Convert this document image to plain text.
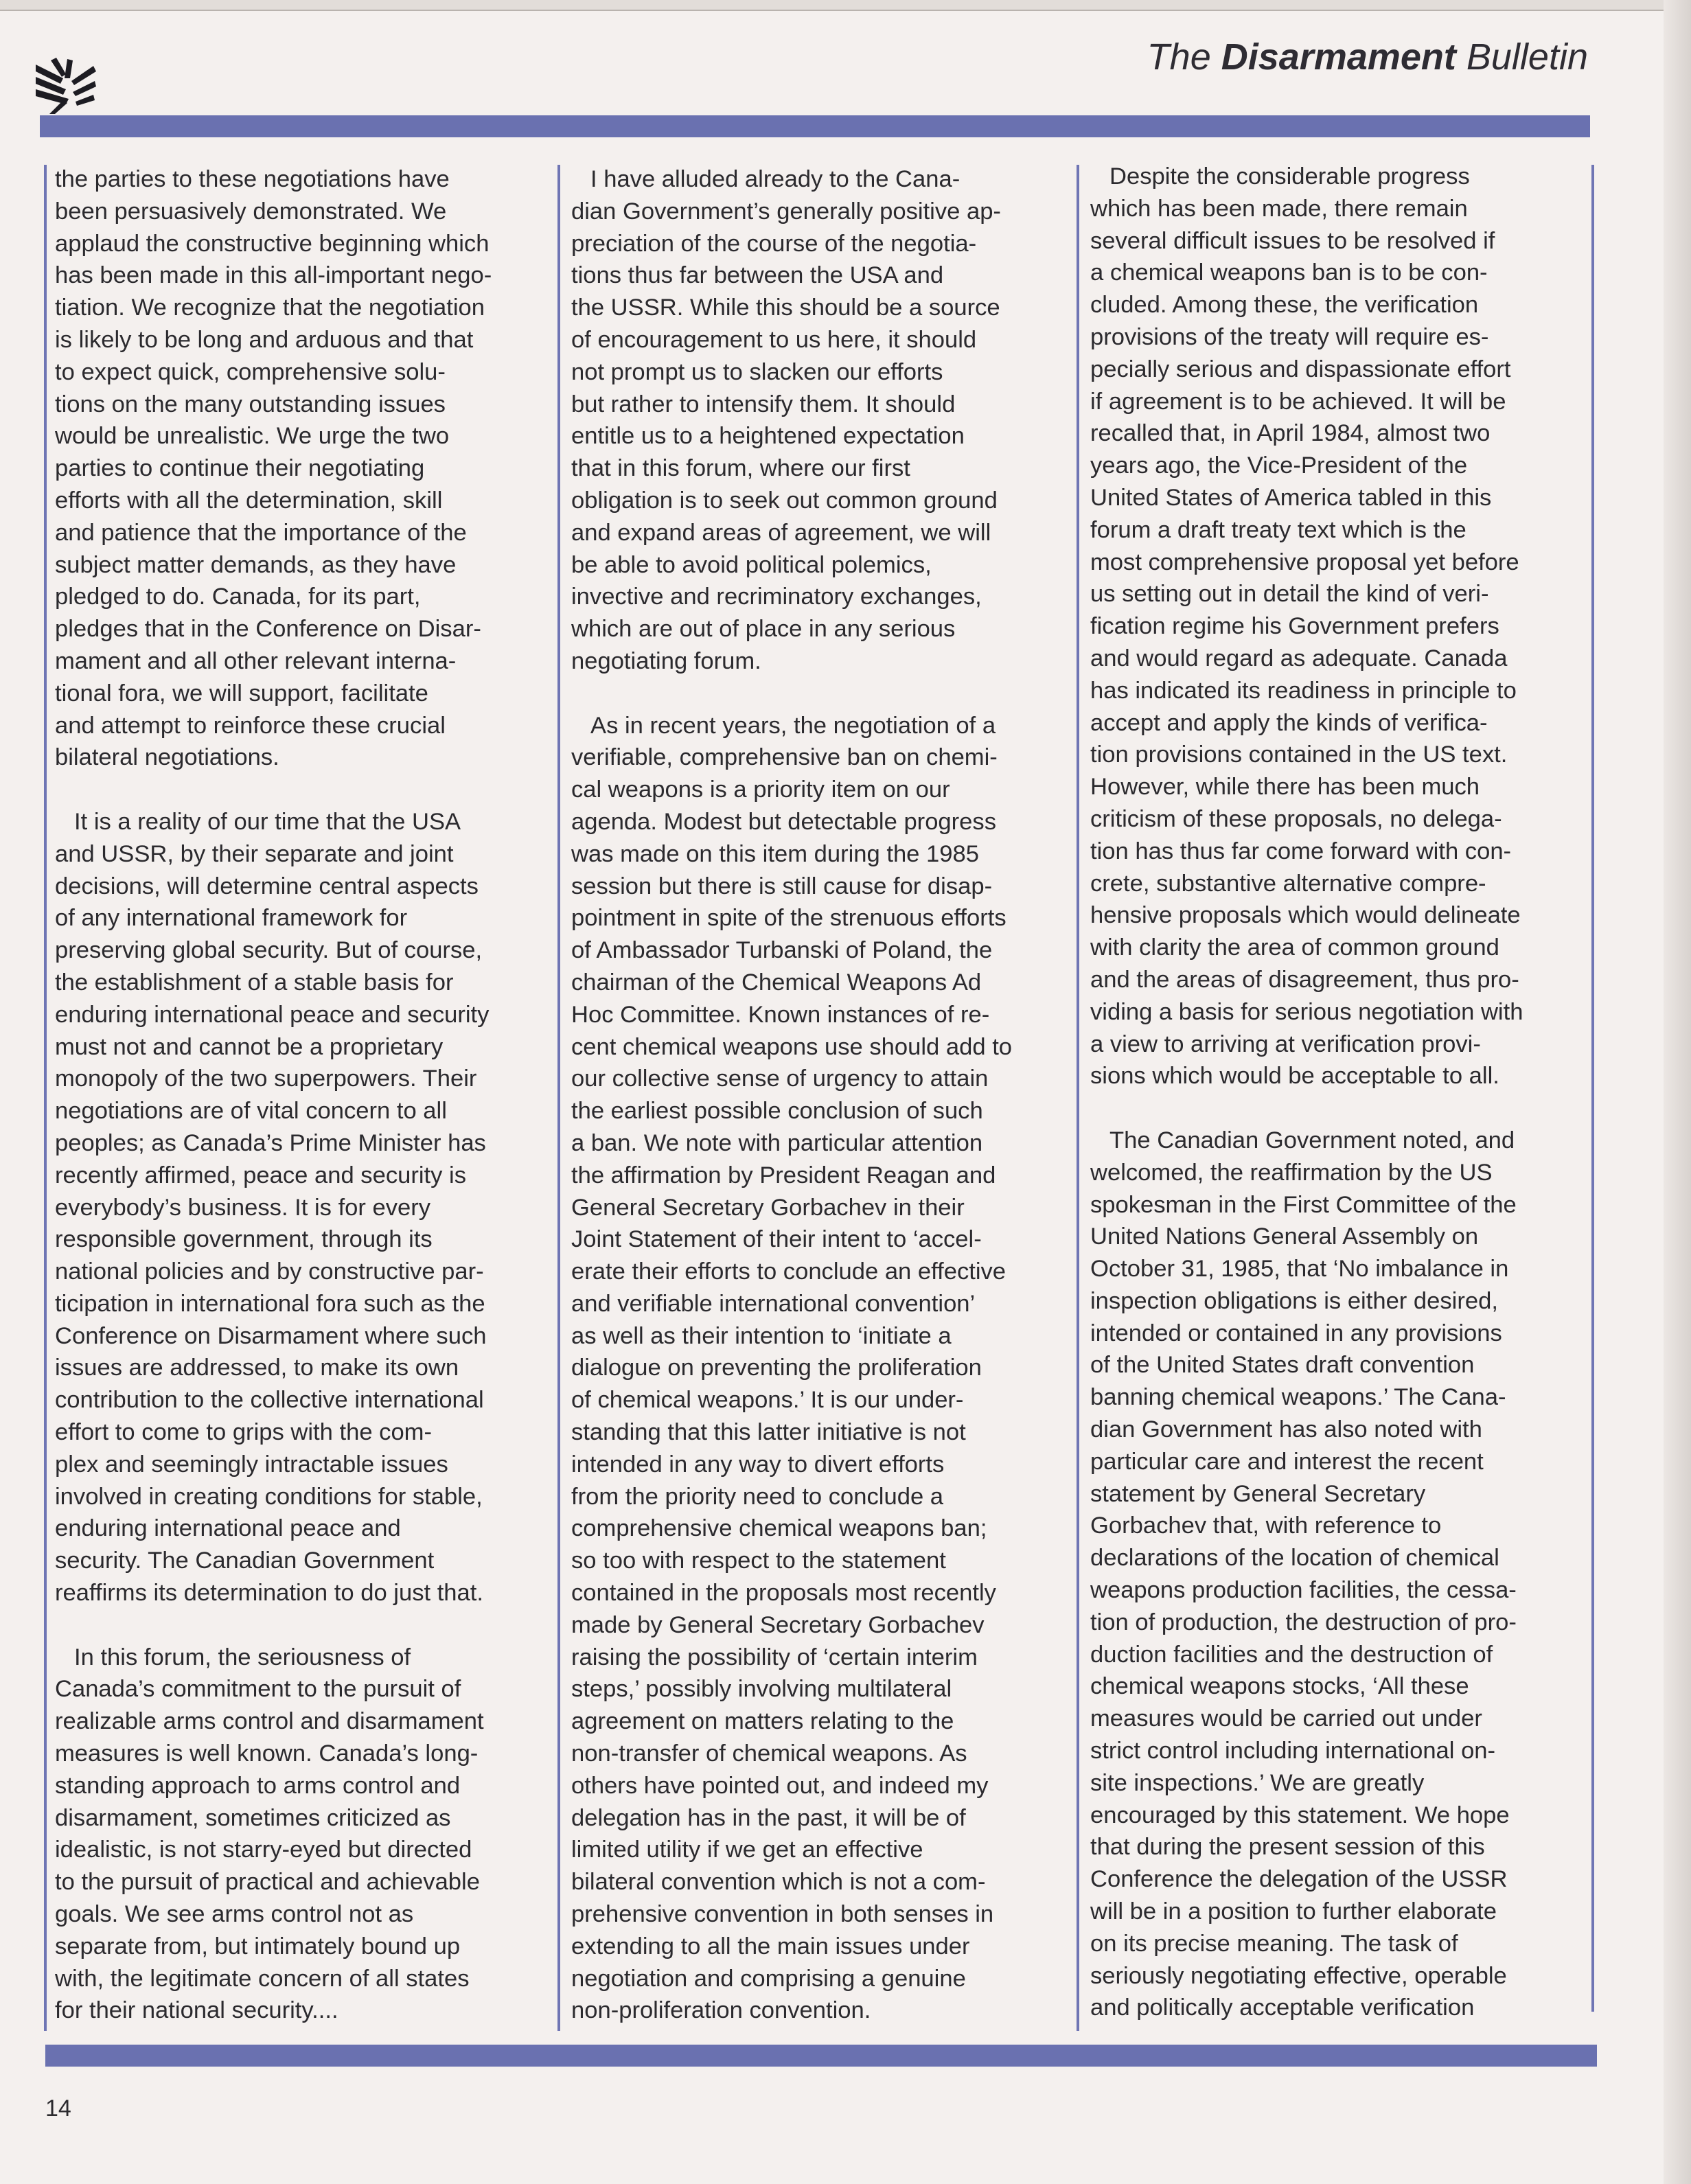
The Disarmament Bulletin

the parties to these negotiations have
been persuasively demonstrated. We
applaud the constructive beginning which
has been made in this all-important nego-
tiation. We recognize that the negotiation
is likely to be long and arduous and that
to expect quick, comprehensive solu-
tions on the many outstanding issues
would be unrealistic. We urge the two
parties to continue their negotiating
efforts with all the determination, skill
and patience that the importance of the
subject matter demands, as they have
pledged to do. Canada, for its part,
pledges that in the Conference on Disar-
mament and all other relevant interna-
tional fora, we will support, facilitate
and attempt to reinforce these crucial
bilateral negotiations.

It is a reality of our time that the USA
and USSR, by their separate and joint
decisions, will determine central aspects
of any international framework for
preserving global security. But of course,
the establishment of a stable basis for
enduring international peace and security
must not and cannot be a proprietary
monopoly of the two superpowers. Their
negotiations are of vital concern to all
peoples; as Canada’s Prime Minister has
recently affirmed, peace and security is
everybody’s business. It is for every
responsible government, through its
national policies and by constructive par-
ticipation in international fora such as the
Conference on Disarmament where such
issues are addressed, to make its own
contribution to the collective international
effort to come to grips with the com-
plex and seemingly intractable issues
involved in creating conditions for stable,
enduring international peace and
security. The Canadian Government
reaffirms its determination to do just that.

In this forum, the seriousness of
Canada’s commitment to the pursuit of
realizable arms control and disarmament
measures is well known. Canada’s long-
standing approach to arms control and
disarmament, sometimes criticized as
idealistic, is not starry-eyed but directed
to the pursuit of practical and achievable
goals. We see arms control not as
separate from, but intimately bound up
with, the legitimate concern of all states
for their national security....

I have alluded already to the Cana-
dian Government’s generally positive ap-
preciation of the course of the negotia-
tions thus far between the USA and
the USSR. While this should be a source
of encouragement to us here, it should
not prompt us to slacken our efforts
but rather to intensify them. It should
entitle us to a heightened expectation
that in this forum, where our first
obligation is to seek out common ground
and expand areas of agreement, we will
be able to avoid political polemics,
invective and recriminatory exchanges,
which are out of place in any serious
negotiating forum.

As in recent years, the negotiation of a
verifiable, comprehensive ban on chemi-
cal weapons is a priority item on our
agenda. Modest but detectable progress
was made on this item during the 1985
session but there is still cause for disap-
pointment in spite of the strenuous efforts
of Ambassador Turbanski of Poland, the
chairman of the Chemical Weapons Ad
Hoc Committee. Known instances of re-
cent chemical weapons use should add to
our collective sense of urgency to attain
the earliest possible conclusion of such
a ban. We note with particular attention
the affirmation by President Reagan and
General Secretary Gorbachev in their
Joint Statement of their intent to ‘accel-
erate their efforts to conclude an effective
and verifiable international convention’
as well as their intention to ‘initiate a
dialogue on preventing the proliferation
of chemical weapons.’ It is our under-
standing that this latter initiative is not
intended in any way to divert efforts
from the priority need to conclude a
comprehensive chemical weapons ban;
so too with respect to the statement
contained in the proposals most recently
made by General Secretary Gorbachev
raising the possibility of ‘certain interim
steps,’ possibly involving multilateral
agreement on matters relating to the
non-transfer of chemical weapons. As
others have pointed out, and indeed my
delegation has in the past, it will be of
limited utility if we get an effective
bilateral convention which is not a com-
prehensive convention in both senses in
extending to all the main issues under
negotiation and comprising a genuine
non-proliferation convention.

Despite the considerable progress
which has been made, there remain
several difficult issues to be resolved if
a chemical weapons ban is to be con-
cluded. Among these, the verification
provisions of the treaty will require es-
pecially serious and dispassionate effort
if agreement is to be achieved. It will be
recalled that, in April 1984, almost two
years ago, the Vice-President of the
United States of America tabled in this
forum a draft treaty text which is the
most comprehensive proposal yet before
us setting out in detail the kind of veri-
fication regime his Government prefers
and would regard as adequate. Canada
has indicated its readiness in principle to
accept and apply the kinds of verifica-
tion provisions contained in the US text.
However, while there has been much
criticism of these proposals, no delega-
tion has thus far come forward with con-
crete, substantive alternative compre-
hensive proposals which would delineate
with clarity the area of common ground
and the areas of disagreement, thus pro-
viding a basis for serious negotiation with
a view to arriving at verification provi-
sions which would be acceptable to all.

The Canadian Government noted, and
welcomed, the reaffirmation by the US
spokesman in the First Committee of the
United Nations General Assembly on
October 31, 1985, that ‘No imbalance in
inspection obligations is either desired,
intended or contained in any provisions
of the United States draft convention
banning chemical weapons.’ The Cana-
dian Government has also noted with
particular care and interest the recent
statement by General Secretary
Gorbachev that, with reference to
declarations of the location of chemical
weapons production facilities, the cessa-
tion of production, the destruction of pro-
duction facilities and the destruction of
chemical weapons stocks, ‘All these
measures would be carried out under
strict control including international on-
site inspections.’ We are greatly
encouraged by this statement. We hope
that during the present session of this
Conference the delegation of the USSR
will be in a position to further elaborate
on its precise meaning. The task of
seriously negotiating effective, operable
and politically acceptable verification

14
